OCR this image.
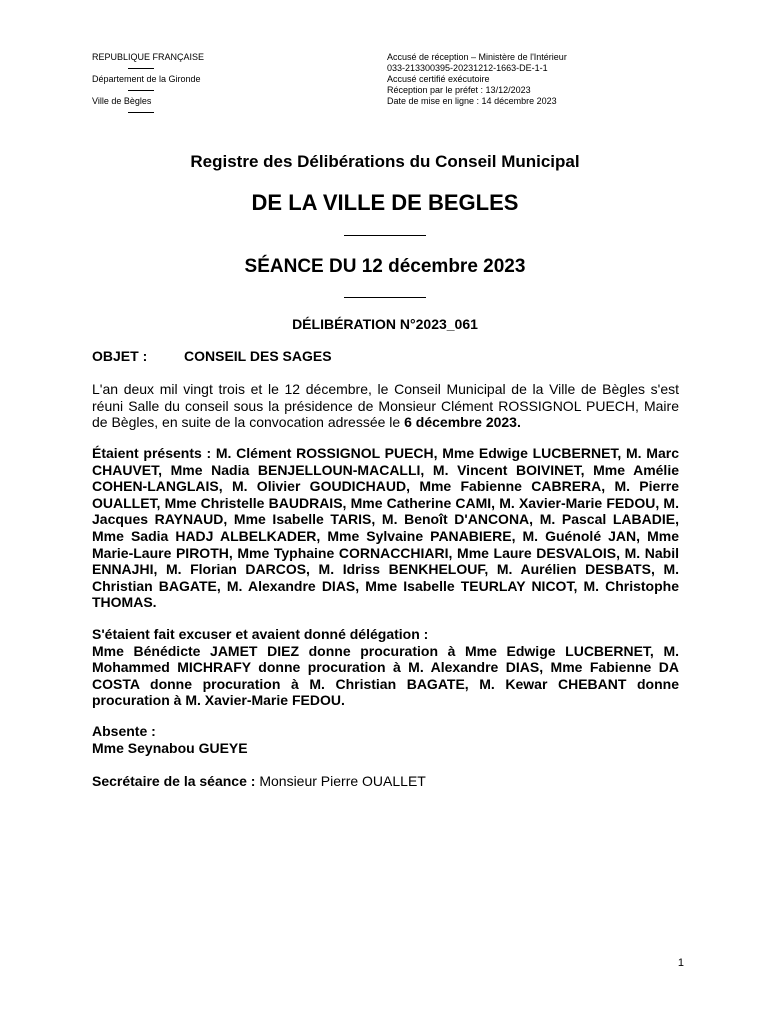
REPUBLIQUE FRANÇAISE
Département de la Gironde
Ville de Bègles
Accusé de réception – Ministère de l'Intérieur
033-213300395-20231212-1663-DE-1-1
Accusé certifié exécutoire
Réception par le préfet : 13/12/2023
Date de mise en ligne : 14 décembre 2023
Registre des Délibérations du Conseil Municipal
DE LA VILLE DE BEGLES
SÉANCE DU 12 décembre 2023
DÉLIBÉRATION N°2023_061
OBJET :	CONSEIL DES SAGES
L'an deux mil vingt trois et le 12 décembre, le Conseil Municipal de la Ville de Bègles s'est réuni Salle du conseil sous la présidence de Monsieur Clément ROSSIGNOL PUECH, Maire de Bègles, en suite de la convocation adressée le 6 décembre 2023.
Étaient présents : M. Clément ROSSIGNOL PUECH, Mme Edwige LUCBERNET, M. Marc CHAUVET, Mme Nadia BENJELLOUN-MACALLI, M. Vincent BOIVINET, Mme Amélie COHEN-LANGLAIS, M. Olivier GOUDICHAUD, Mme Fabienne CABRERA, M. Pierre OUALLET, Mme Christelle BAUDRAIS, Mme Catherine CAMI, M. Xavier-Marie FEDOU, M. Jacques RAYNAUD, Mme Isabelle TARIS, M. Benoît D'ANCONA, M. Pascal LABADIE, Mme Sadia HADJ ALBELKADER, Mme Sylvaine PANABIERE, M. Guénolé JAN, Mme Marie-Laure PIROTH, Mme Typhaine CORNACCHIARI, Mme Laure DESVALOIS, M. Nabil ENNAJHI, M. Florian DARCOS, M. Idriss BENKHELOUF, M. Aurélien DESBATS, M. Christian BAGATE, M. Alexandre DIAS, Mme Isabelle TEURLAY NICOT, M. Christophe THOMAS.
S'étaient fait excuser et avaient donné délégation :
Mme Bénédicte JAMET DIEZ donne procuration à Mme Edwige LUCBERNET, M. Mohammed MICHRAFY donne procuration à M. Alexandre DIAS, Mme Fabienne DA COSTA donne procuration à M. Christian BAGATE, M. Kewar CHEBANT donne procuration à M. Xavier-Marie FEDOU.
Absente :
Mme Seynabou GUEYE
Secrétaire de la séance : Monsieur Pierre OUALLET
1
